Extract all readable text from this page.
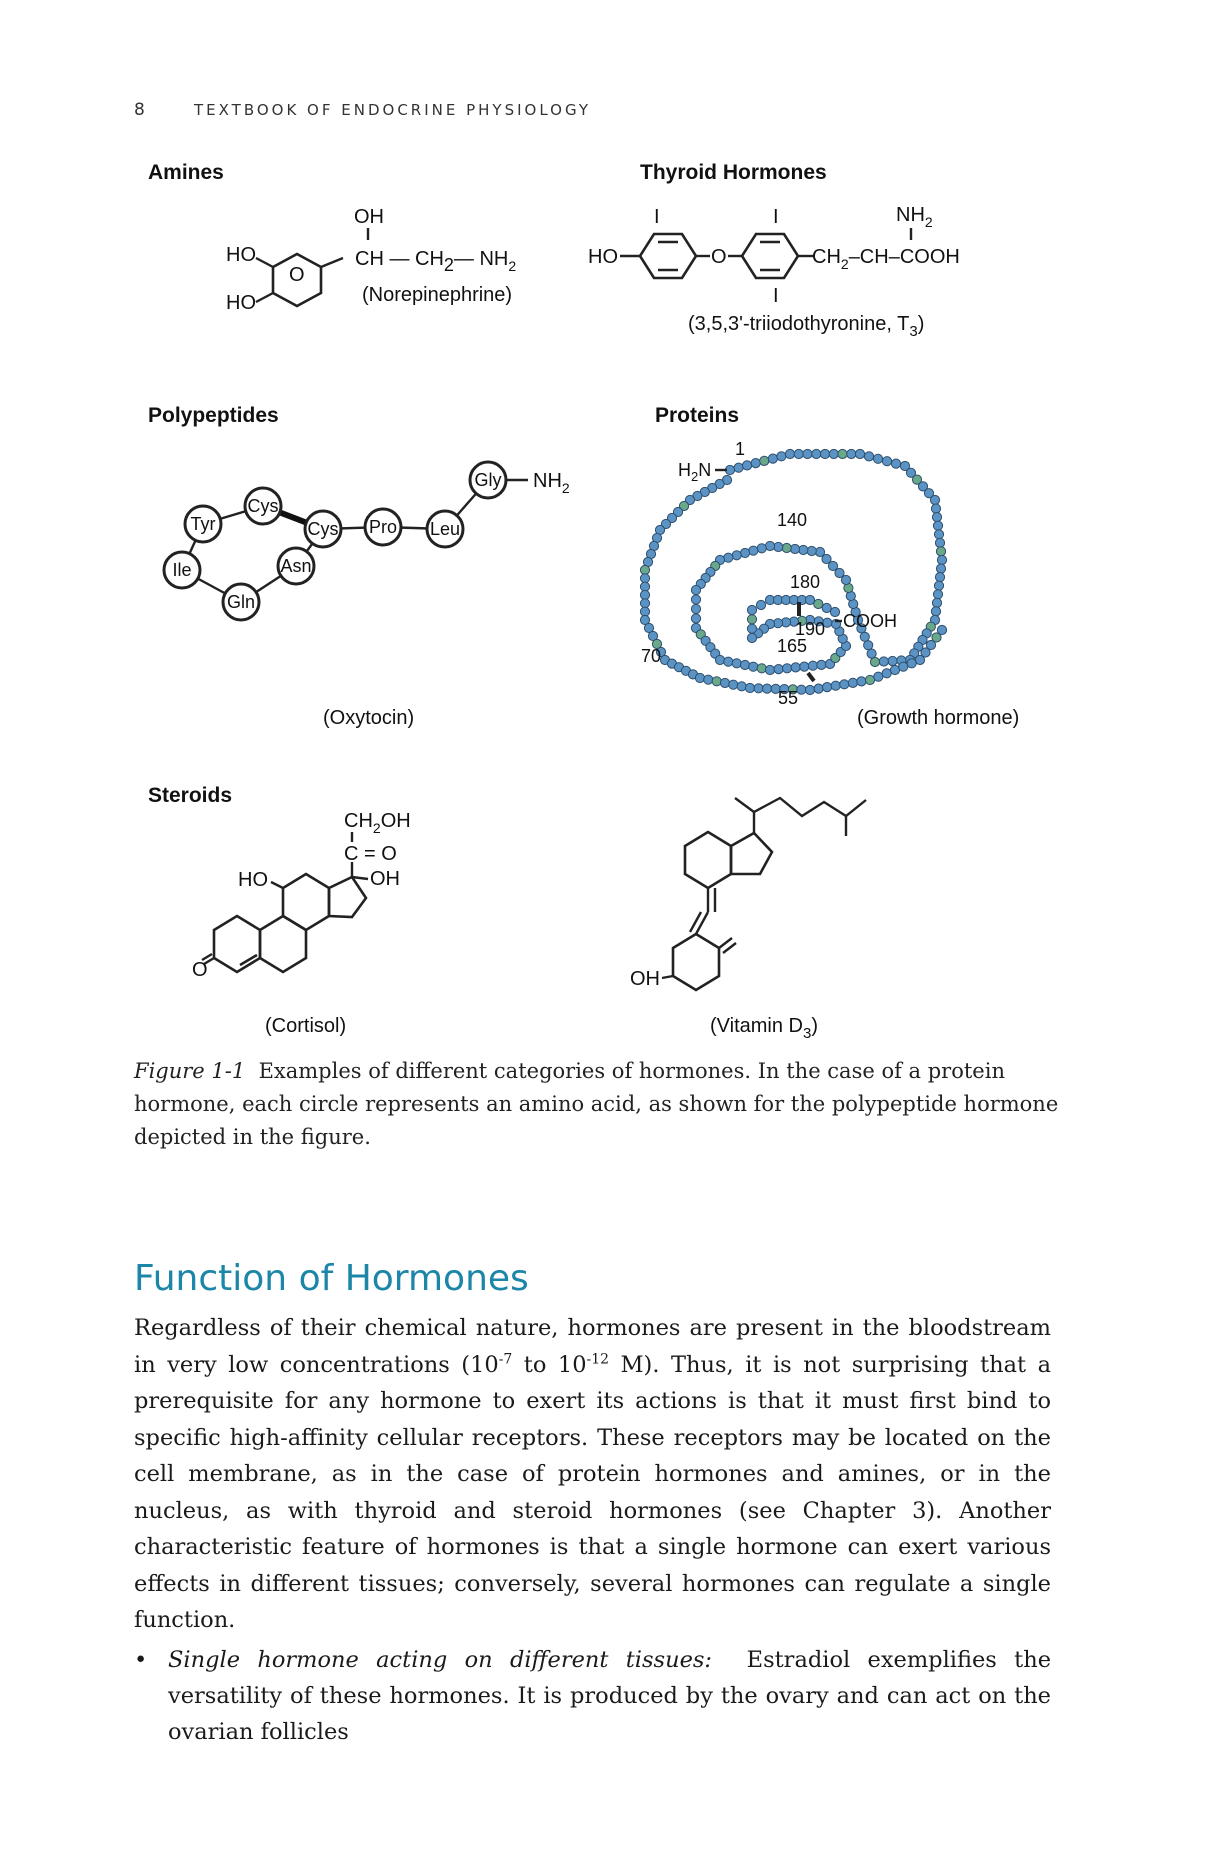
8	TEXTBOOK OF ENDOCRINE PHYSIOLOGY
Amines
O
HO
HO
OH
CH — CH2— $NH_2$
(Norepinephrine)
Thyroid Hormones
HO	O
I	I
I
$CH_2-CH$–COOH
$NH_2$
(3,5,3'-triiodothyronine, $T_3$)
Polypeptides
Tyr
Cys
Cys Pro Leu
Gly
Ile
Gln
Asn
$NH_2$
(Oxytocin)
Proteins
$H_2N$
1
140
180
190
165
70
55
COOH
(Growth hormone)
Steroids
O
HO	OH
C = O
$CH_2OH$
(Cortisol)
OH
(Vitamin $D_3$)
Figure 1-1 Examples of different categories of hormones. In the case of a protein hormone, each circle represents an amino acid, as shown for the polypeptide hormone depicted in the figure.
Function of Hormones

Regardless of their chemical nature, hormones are present in the bloodstream in very low concentrations ($10^{-7}$ to $10^{-12}$ M). Thus, it is not surprising that a prerequisite for any hormone to exert its actions is that it must first bind to specific high-affinity cellular receptors. These receptors may be located on the cell membrane, as in the case of protein hormones and amines, or in the nucleus, as with thyroid and steroid hormones (see Chapter 3). Another characteristic feature of hormones is that a single hormone can exert various effects in different tissues; conversely, several hormones can regulate a single function.

• Single hormone acting on different tissues: Estradiol exemplifies the versatility of these hormones. It is produced by the ovary and can act on the ovarian follicles
